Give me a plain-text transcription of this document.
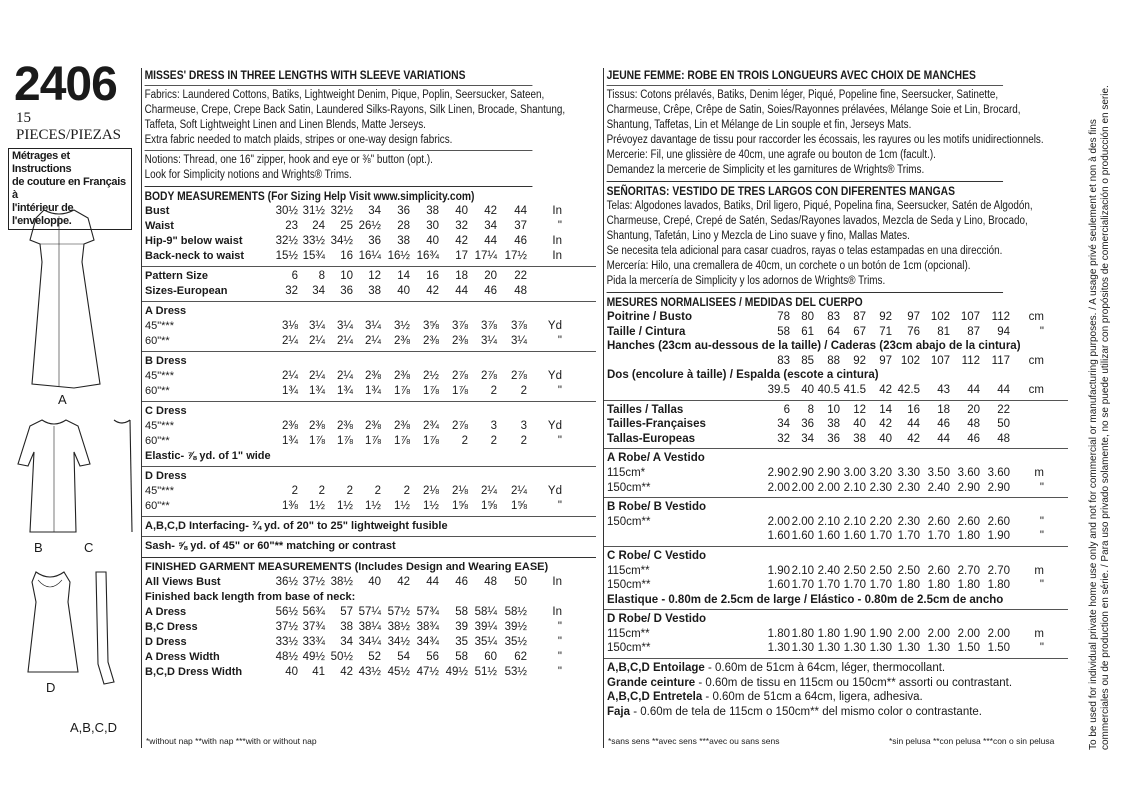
2406
15 PIECES/PIEZAS
Métrages et Instructions
de couture en Français à
l'intérieur de
l'enveloppe.
A
B	C
D
A,B,C,D
MISSES' DRESS IN THREE LENGTHS WITH SLEEVE VARIATIONS
Fabrics: Laundered Cottons, Batiks, Lightweight Denim, Pique, Poplin, Seersucker, Sateen,
Charmeuse, Crepe, Crepe Back Satin, Laundered Silks-Rayons, Silk Linen, Brocade, Shantung,
Taffeta, Soft Lightweight Linen and Linen Blends, Matte Jerseys.
Extra fabric needed to match plaids, stripes or one-way design fabrics.
Notions: Thread, one 16" zipper, hook and eye or ⅜" button (opt.).
Look for Simplicity notions and Wrights® Trims.
BODY MEASUREMENTS (For Sizing Help Visit www.simplicity.com)
Bust	30½ 31½ 32½	34	36	38	40	42	44	In
Waist	23	24	25 26½	28	30	32	34	37	"
Hip-9" below waist	32½ 33½ 34½	36	38	40	42	44	46	In
Back-neck to waist	15½ 15¾	16 16¼ 16½ 16¾	17 17¼ 17½	In
Pattern Size	6	8	10	12	14	16	18	20	22
Sizes-European	32	34	36	38	40	42	44	46	48
A Dress
45"***	3⅛ 3¼	3¼	3¼	3½	3⅝	3⅞	3⅞	3⅞	Yd
60"**	2¼ 2¼	2¼	2¼	2⅜	2⅜	2⅜	3¼	3¼	"
B Dress
45"***	2¼ 2¼	2¼	2⅜	2⅜	2½	2⅞	2⅞	2⅞	Yd
60"**	1¾ 1¾	1¾	1¾	1⅞	1⅞	1⅞	2	2	"
C Dress
45"***	2⅜ 2⅜	2⅜	2⅜	2⅜	2¾	2⅞	3	3	Yd
60"**	1¾ 1⅞	1⅞	1⅞	1⅞	1⅞	2	2	2	"
Elastic- ⅞ yd. of 1" wide
D Dress
45"***	2	2	2	2	2	2⅛	2⅛	2¼	2¼	Yd
60"**	1⅜ 1½	1½	1½	1½	1½	1⅝	1⅝	1⅝	"
A,B,C,D Interfacing- ¾ yd. of 20" to 25" lightweight fusible
Sash- ⅝ yd. of 45" or 60"** matching or contrast
FINISHED GARMENT MEASUREMENTS (Includes Design and Wearing EASE)
All Views Bust	36½ 37½ 38½	40	42	44	46	48	50	In
Finished back length from base of neck:
A Dress	56½ 56¾	57 57¼ 57½ 57¾	58 58¼ 58½	In
B,C Dress	37½ 37¾	38 38¼ 38½ 38¾	39 39¼ 39½	"
D Dress	33½ 33¾	34 34¼ 34½ 34¾	35 35¼ 35½	"
A Dress Width	48½ 49½ 50½	52	54	56	58	60	62	"
B,C,D Dress Width	40	41	42 43½ 45½ 47½ 49½ 51½ 53½	"
*without nap **with nap ***with or without nap
JEUNE FEMME: ROBE EN TROIS LONGUEURS AVEC CHOIX DE MANCHES
Tissus: Cotons prélavés, Batiks, Denim léger, Piqué, Popeline fine, Seersucker, Satinette,
Charmeuse, Crêpe, Crêpe de Satin, Soies/Rayonnes prélavées, Mélange Soie et Lin, Brocard,
Shantung, Taffetas, Lin et Mélange de Lin souple et fin, Jerseys Mats.
Prévoyez davantage de tissu pour raccorder les écossais, les rayures ou les motifs unidirectionnels.
Mercerie: Fil, une glissière de 40cm, une agrafe ou bouton de 1cm (facult.).
Demandez la mercerie de Simplicity et les garnitures de Wrights® Trims.
SEÑORITAS: VESTIDO DE TRES LARGOS CON DIFERENTES MANGAS
Telas: Algodones lavados, Batiks, Dril ligero, Piqué, Popelina fina, Seersucker, Satén de Algodón,
Charmeuse, Crepé, Crepé de Satén, Sedas/Rayones lavados, Mezcla de Seda y Lino, Brocado,
Shantung, Tafetán, Lino y Mezcla de Lino suave y fino, Mallas Mates.
Se necesita tela adicional para casar cuadros, rayas o telas estampadas en una dirección.
Mercería: Hilo, una cremallera de 40cm, un corchete o un botón de 1cm (opcional).
Pida la mercería de Simplicity y los adornos de Wrights® Trims.
MESURES NORMALISEES / MEDIDAS DEL CUERPO
Poitrine / Busto	78 80	83	87	92	97 102 107	112	cm
Taille / Cintura	58 61	64	67	71	76	81	87	94	"
Hanches (23cm au-dessous de la taille) / Caderas (23cm abajo de la cintura)
83 85	88	92	97 102 107	112	117	cm
Dos (encolure à taille) / Espalda (escote a cintura)
39.5 40 40.5 41.5	42 42.5	43	44	44	cm
Tailles / Tallas	6	8	10	12	14	16	18	20	22
Tailles-Françaises	34 36	38	40	42	44	46	48	50
Tallas-Europeas	32 34	36	38	40	42	44	46	48
A Robe/ A Vestido
115cm*	2.90 2.90 2.90 3.00 3.20 3.30 3.50 3.60 3.60	m
150cm**	2.00 2.00 2.00 2.10 2.30 2.30 2.40 2.90 2.90	"
B Robe/ B Vestido
150cm**	2.00 2.00 2.10 2.10 2.20 2.30 2.60 2.60 2.60	"
1.60 1.60 1.60 1.60 1.70 1.70 1.70 1.80 1.90	"
C Robe/ C Vestido
115cm**	1.90 2.10 2.40 2.50 2.50 2.50 2.60 2.70 2.70	m
150cm**	1.60 1.70 1.70 1.70 1.70 1.80 1.80 1.80 1.80	"
Elastique - 0.80m de 2.5cm de large / Elástico - 0.80m de 2.5cm de ancho
D Robe/ D Vestido
115cm**	1.80 1.80 1.80 1.90 1.90 2.00 2.00 2.00 2.00	m
150cm**	1.30 1.30 1.30 1.30 1.30 1.30 1.30 1.50 1.50	"
A,B,C,D Entoilage - 0.60m de 51cm à 64cm, léger, thermocollant.
Grande ceinture - 0.60m de tissu en 115cm ou 150cm** assorti ou contrastant.
A,B,C,D Entretela - 0.60m de 51cm a 64cm, ligera, adhesiva.
Faja - 0.60m de tela de 115cm o 150cm** del mismo color o contrastante.
*sans sens **avec sens ***avec ou sans sens	*sin pelusa **con pelusa ***con o sin pelusa	To be used for individual private home use only and not for commercial or manufacturing purposes. / A usage privé seulement et non à des fins commerciales ou de production en série. / Para uso privado solamente, no se puede utilizar con propósitos de comercialización o producción en serie.
